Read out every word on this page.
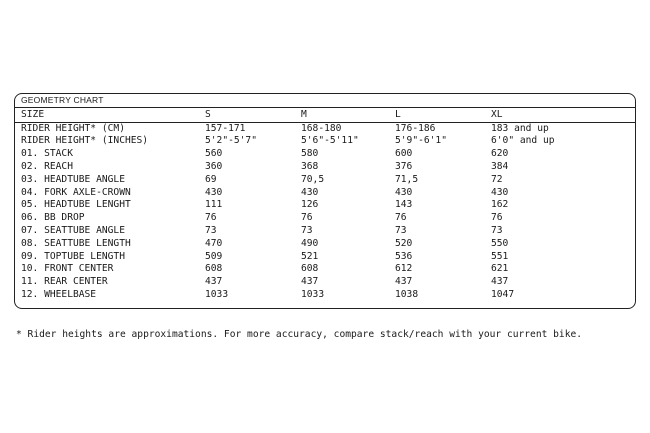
GEOMETRY CHART
SIZE	S	M	L	XL
RIDER HEIGHT* (CM)	157-171	168-180	176-186	183 and up
RIDER HEIGHT* (INCHES)	5'2"-5'7"	5'6"-5'11"	5'9"-6'1"	6'0" and up
01. STACK	560	580	600	620
02. REACH	360	368	376	384
03. HEADTUBE ANGLE	69	70,5	71,5	72
04. FORK AXLE-CROWN	430	430	430	430
05. HEADTUBE LENGHT	111	126	143	162
06. BB DROP	76	76	76	76
07. SEATTUBE ANGLE	73	73	73	73
08. SEATTUBE LENGTH	470	490	520	550
09. TOPTUBE LENGTH	509	521	536	551
10. FRONT CENTER	608	608	612	621
11. REAR CENTER	437	437	437	437
12. WHEELBASE	1033	1033	1038	1047
* Rider heights are approximations. For more accuracy, compare stack/reach with your current bike.
